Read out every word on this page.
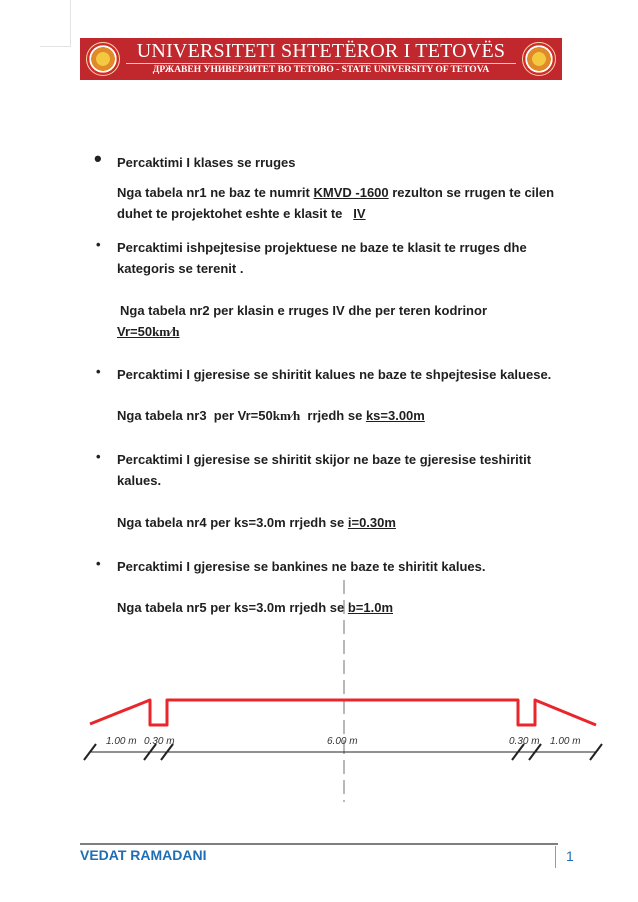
UNIVERSITETI SHTETËROR I TETOVËS
ДРЖАВЕН УНИВЕРЗИТЕТ ВО ТЕТОВО - STATE UNIVERSITY OF TETOVA
• Percaktimi I klases se rruges
Nga tabela nr1 ne baz te numrit KMVD -1600 rezulton se rrugen te cilen
duhet te projektohet eshte e klasit te   IV
• Percaktimi ishpejtesise projektuese ne baze te klasit te rruges dhe
kategoris se terenit .
Nga tabela nr2 per klasin e rruges IV dhe per teren kodrinor
Vr=50km⁄h
• Percaktimi I gjeresise se shiritit kalues ne baze te shpejtesise kaluese.
Nga tabela nr3  per Vr=50km⁄h  rrjedh se ks=3.00m
• Percaktimi I gjeresise se shiritit skijor ne baze te gjeresise teshiritit
kalues.
Nga tabela nr4 per ks=3.0m rrjedh se i=0.30m
• Percaktimi I gjeresise se bankines ne baze te shiritit kalues.
Nga tabela nr5 per ks=3.0m rrjedh se b=1.0m
1.00 m 0.30 m	6.00 m	0.30 m 1.00 m
VEDAT RAMADANI	1
